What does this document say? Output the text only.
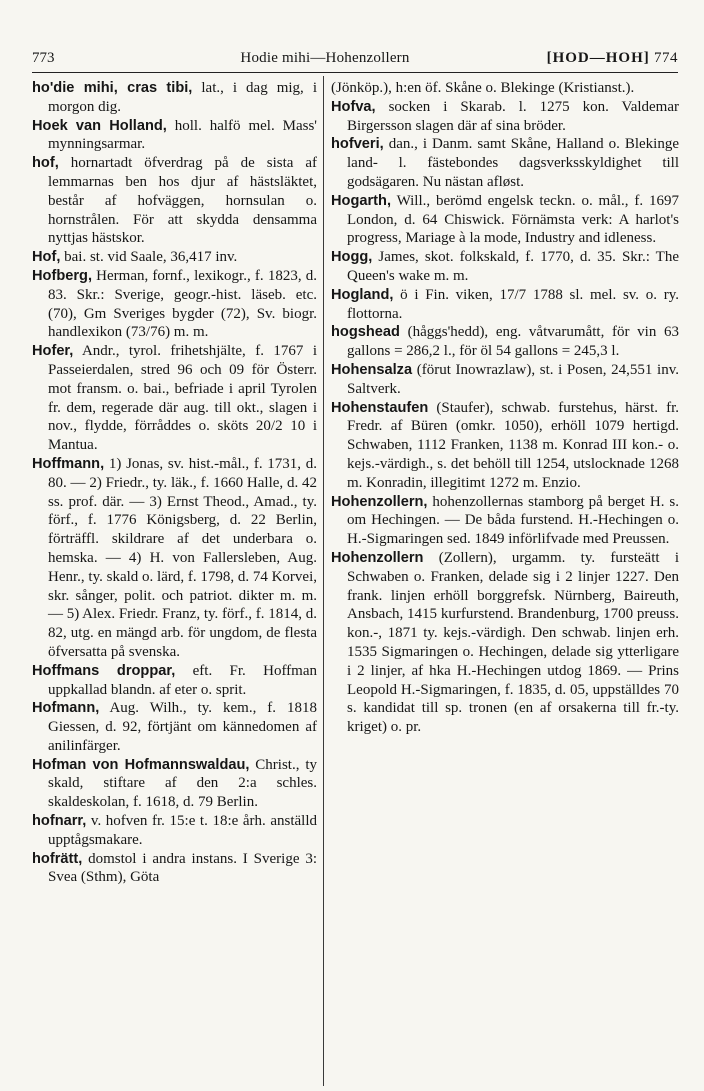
773	Hodie mihi—Hohenzollern	[HOD—HOH] 774

ho'die mihi, cras tibi, lat., i dag mig, i morgon dig.

Hoek van Holland, holl. halfö mel. Mass' mynningsarmar.

hof, hornartadt öfverdrag på de sista af lemmarnas ben hos djur af hästsläktet, består af hofväggen, hornsulan o. hornstrålen. För att skydda densamma nyttjas hästskor.

Hof, bai. st. vid Saale, 36,417 inv.

Hofberg, Herman, fornf., lexikogr., f. 1823, d. 83. Skr.: Sverige, geogr.-hist. läseb. etc. (70), Gm Sveriges bygder (72), Sv. biogr. handlexikon (73/76) m. m.

Hofer, Andr., tyrol. frihetshjälte, f. 1767 i Passeierdalen, stred 96 och 09 för Österr. mot fransm. o. bai., befriade i april Tyrolen fr. dem, regerade där aug. till okt., slagen i nov., flydde, förråddes o. sköts 20/2 10 i Mantua.

Hoffmann, 1) Jonas, sv. hist.-mål., f. 1731, d. 80. — 2) Friedr., ty. läk., f. 1660 Halle, d. 42 ss. prof. där. — 3) Ernst Theod., Amad., ty. förf., f. 1776 Königsberg, d. 22 Berlin, förträffl. skildrare af det underbara o. hemska. — 4) H. von Fallersleben, Aug. Henr., ty. skald o. lärd, f. 1798, d. 74 Korvei, skr. sånger, polit. och patriot. dikter m. m. — 5) Alex. Friedr. Franz, ty. förf., f. 1814, d. 82, utg. en mängd arb. för ungdom, de flesta öfversatta på svenska.

Hoffmans droppar, eft. Fr. Hoffman uppkallad blandn. af eter o. sprit.

Hofmann, Aug. Wilh., ty. kem., f. 1818 Giessen, d. 92, förtjänt om kännedomen af anilinfärger.

Hofman von Hofmannswaldau, Christ., ty skald, stiftare af den 2:a schles. skaldeskolan, f. 1618, d. 79 Berlin.

hofnarr, v. hofven fr. 15:e t. 18:e årh. anställd upptågsmakare.

hofrätt, domstol i andra instans. I Sverige 3: Svea (Sthm), Göta

(Jönköp.), h:en öf. Skåne o. Blekinge (Kristianst.).

Hofva, socken i Skarab. l. 1275 kon. Valdemar Birgersson slagen där af sina bröder.

hofveri, dan., i Danm. samt Skåne, Halland o. Blekinge land- l. fästebondes dagsverksskyldighet till godsägaren. Nu nästan afløst.

Hogarth, Will., berömd engelsk teckn. o. mål., f. 1697 London, d. 64 Chiswick. Förnämsta verk: A harlot's progress, Mariage à la mode, Industry and idleness.

Hogg, James, skot. folkskald, f. 1770, d. 35. Skr.: The Queen's wake m. m.

Hogland, ö i Fin. viken, 17/7 1788 sl. mel. sv. o. ry. flottorna.

hogshead (håggs'hedd), eng. våtvarumått, för vin 63 gallons = 286,2 l., för öl 54 gallons = 245,3 l.

Hohensalza (förut Inowrazlaw), st. i Posen, 24,551 inv. Saltverk.

Hohenstaufen (Staufer), schwab. furstehus, härst. fr. Fredr. af Büren (omkr. 1050), erhöll 1079 hertigd. Schwaben, 1112 Franken, 1138 m. Konrad III kon.- o. kejs.-värdigh., s. det behöll till 1254, utslocknade 1268 m. Konradin, illegitimt 1272 m. Enzio.

Hohenzollern, hohenzollernas stamborg på berget H. s. om Hechingen. — De båda furstend. H.-Hechingen o. H.-Sigmaringen sed. 1849 införlifvade med Preussen.

Hohenzollern (Zollern), urgamm. ty. fursteätt i Schwaben o. Franken, delade sig i 2 linjer 1227. Den frank. linjen erhöll borggrefsk. Nürnberg, Baireuth, Ansbach, 1415 kurfurstend. Brandenburg, 1700 preuss. kon.-, 1871 ty. kejs.-värdigh. Den schwab. linjen erh. 1535 Sigmaringen o. Hechingen, delade sig ytterligare i 2 linjer, af hka H.-Hechingen utdog 1869. — Prins Leopold H.-Sigmaringen, f. 1835, d. 05, uppställdes 70 s. kandidat till sp. tronen (en af orsakerna till fr.-ty. kriget) o. pr.
